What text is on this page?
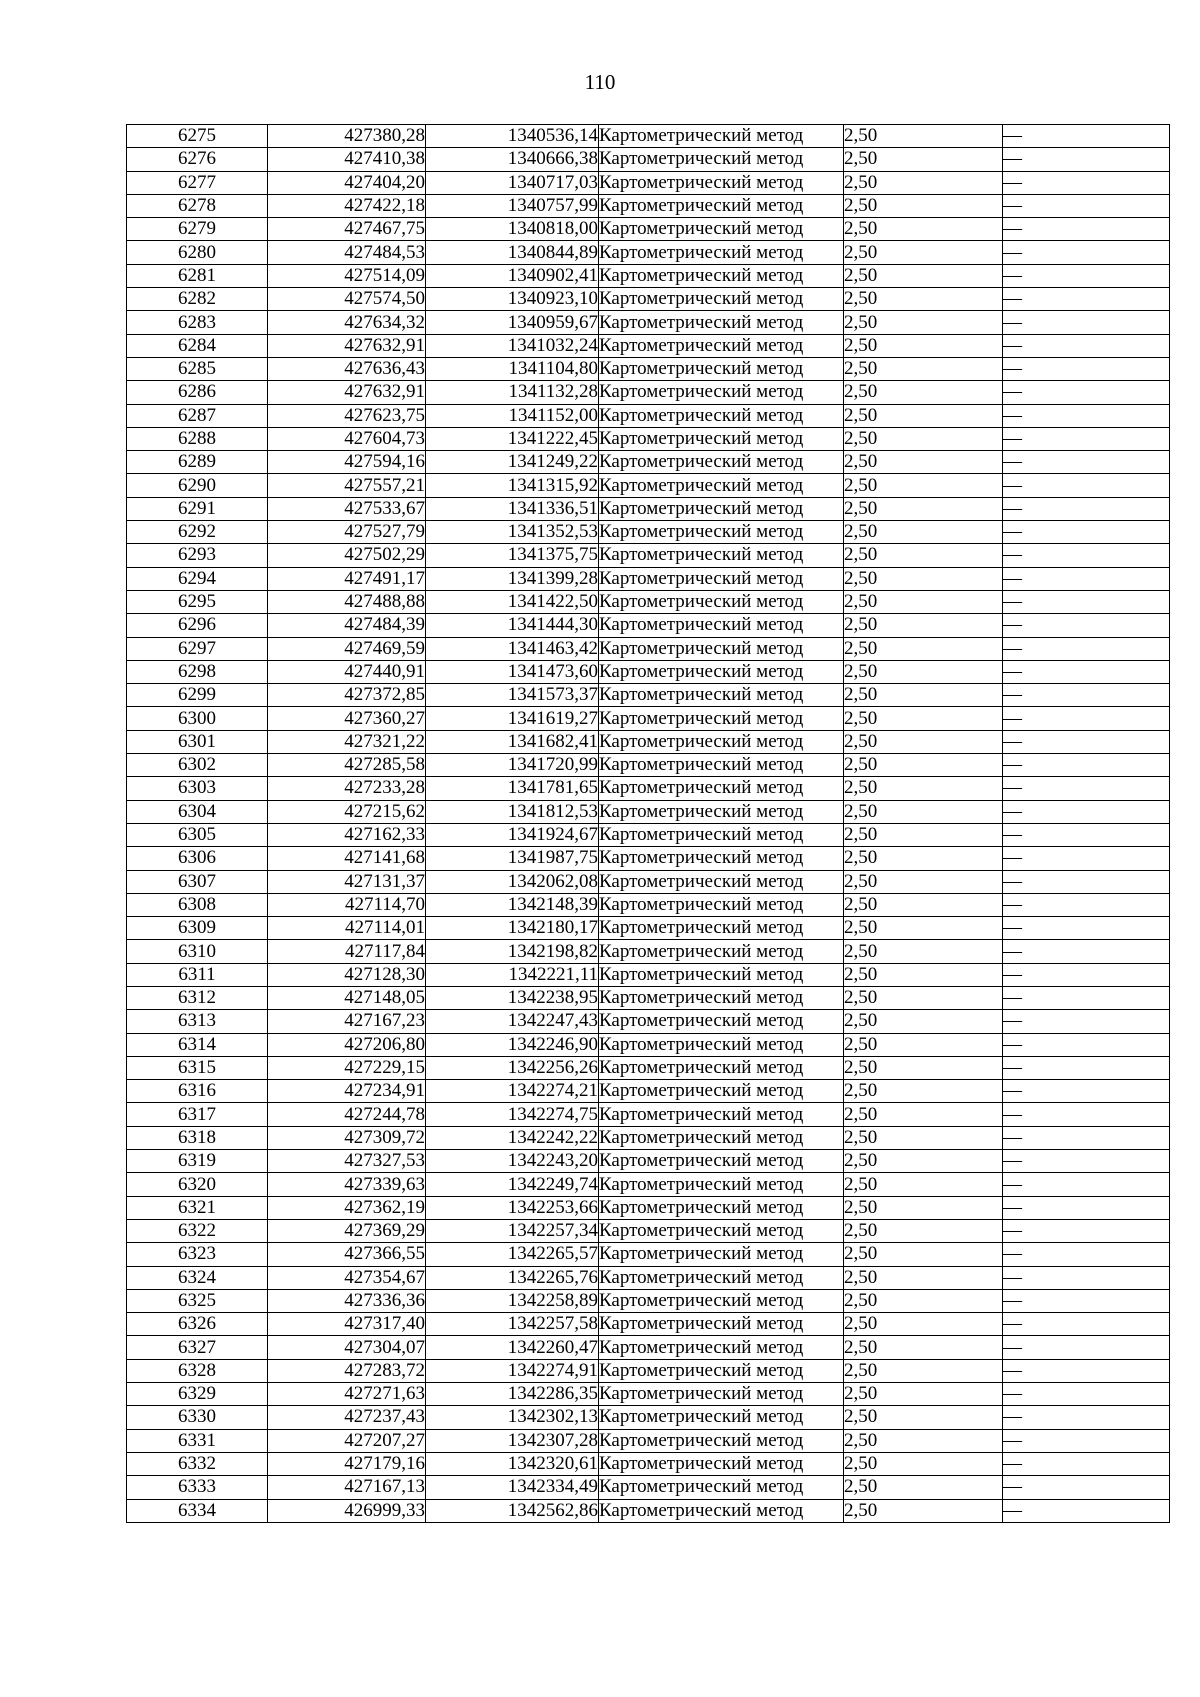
110
6275	427380,28	1340536,14	Картометрический метод	2,50	—
6276	427410,38	1340666,38	Картометрический метод	2,50	—
6277	427404,20	1340717,03	Картометрический метод	2,50	—
6278	427422,18	1340757,99	Картометрический метод	2,50	—
6279	427467,75	1340818,00	Картометрический метод	2,50	—
6280	427484,53	1340844,89	Картометрический метод	2,50	—
6281	427514,09	1340902,41	Картометрический метод	2,50	—
6282	427574,50	1340923,10	Картометрический метод	2,50	—
6283	427634,32	1340959,67	Картометрический метод	2,50	—
6284	427632,91	1341032,24	Картометрический метод	2,50	—
6285	427636,43	1341104,80	Картометрический метод	2,50	—
6286	427632,91	1341132,28	Картометрический метод	2,50	—
6287	427623,75	1341152,00	Картометрический метод	2,50	—
6288	427604,73	1341222,45	Картометрический метод	2,50	—
6289	427594,16	1341249,22	Картометрический метод	2,50	—
6290	427557,21	1341315,92	Картометрический метод	2,50	—
6291	427533,67	1341336,51	Картометрический метод	2,50	—
6292	427527,79	1341352,53	Картометрический метод	2,50	—
6293	427502,29	1341375,75	Картометрический метод	2,50	—
6294	427491,17	1341399,28	Картометрический метод	2,50	—
6295	427488,88	1341422,50	Картометрический метод	2,50	—
6296	427484,39	1341444,30	Картометрический метод	2,50	—
6297	427469,59	1341463,42	Картометрический метод	2,50	—
6298	427440,91	1341473,60	Картометрический метод	2,50	—
6299	427372,85	1341573,37	Картометрический метод	2,50	—
6300	427360,27	1341619,27	Картометрический метод	2,50	—
6301	427321,22	1341682,41	Картометрический метод	2,50	—
6302	427285,58	1341720,99	Картометрический метод	2,50	—
6303	427233,28	1341781,65	Картометрический метод	2,50	—
6304	427215,62	1341812,53	Картометрический метод	2,50	—
6305	427162,33	1341924,67	Картометрический метод	2,50	—
6306	427141,68	1341987,75	Картометрический метод	2,50	—
6307	427131,37	1342062,08	Картометрический метод	2,50	—
6308	427114,70	1342148,39	Картометрический метод	2,50	—
6309	427114,01	1342180,17	Картометрический метод	2,50	—
6310	427117,84	1342198,82	Картометрический метод	2,50	—
6311	427128,30	1342221,11	Картометрический метод	2,50	—
6312	427148,05	1342238,95	Картометрический метод	2,50	—
6313	427167,23	1342247,43	Картометрический метод	2,50	—
6314	427206,80	1342246,90	Картометрический метод	2,50	—
6315	427229,15	1342256,26	Картометрический метод	2,50	—
6316	427234,91	1342274,21	Картометрический метод	2,50	—
6317	427244,78	1342274,75	Картометрический метод	2,50	—
6318	427309,72	1342242,22	Картометрический метод	2,50	—
6319	427327,53	1342243,20	Картометрический метод	2,50	—
6320	427339,63	1342249,74	Картометрический метод	2,50	—
6321	427362,19	1342253,66	Картометрический метод	2,50	—
6322	427369,29	1342257,34	Картометрический метод	2,50	—
6323	427366,55	1342265,57	Картометрический метод	2,50	—
6324	427354,67	1342265,76	Картометрический метод	2,50	—
6325	427336,36	1342258,89	Картометрический метод	2,50	—
6326	427317,40	1342257,58	Картометрический метод	2,50	—
6327	427304,07	1342260,47	Картометрический метод	2,50	—
6328	427283,72	1342274,91	Картометрический метод	2,50	—
6329	427271,63	1342286,35	Картометрический метод	2,50	—
6330	427237,43	1342302,13	Картометрический метод	2,50	—
6331	427207,27	1342307,28	Картометрический метод	2,50	—
6332	427179,16	1342320,61	Картометрический метод	2,50	—
6333	427167,13	1342334,49	Картометрический метод	2,50	—
6334	426999,33	1342562,86	Картометрический метод	2,50	—
